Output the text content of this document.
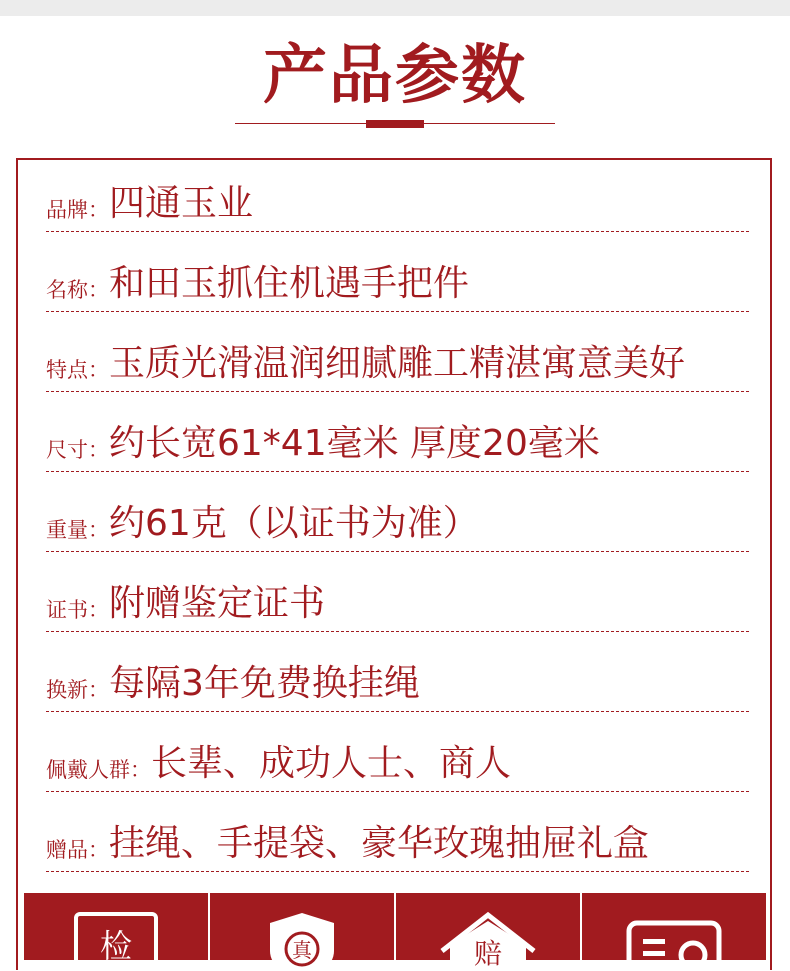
产品参数
品牌： 四通玉业
名称： 和田玉抓住机遇手把件
特点： 玉质光滑温润细腻雕工精湛寓意美好
尺寸： 约长宽61*41毫米 厚度20毫米
重量： 约61克（以证书为准）
证书： 附赠鉴定证书
换新： 每隔3年免费换挂绳
佩戴人群： 长辈、成功人士、商人
赠品： 挂绳、手提袋、豪华玫瑰抽屉礼盒
检	真	赔
